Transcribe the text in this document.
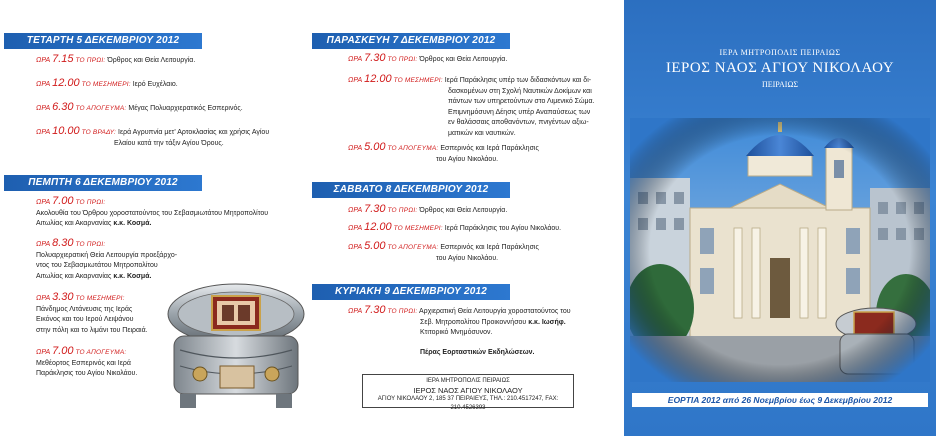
ΤΕΤΑΡΤΗ 5 ΔΕΚΕΜΒΡΙΟΥ 2012
ΩΡΑ 7.15 ΤΟ ΠΡΩΙ: Όρθρος και Θεία Λειτουργία.
ΩΡΑ 12.00 ΤΟ ΜΕΣΗΜΕΡΙ: Ιερό Ευχέλαιο.
ΩΡΑ 6.30 ΤΟ ΑΠΟΓΕΥΜΑ: Μέγας Πολυαρχιερατικός Εσπερινός.
ΩΡΑ 10.00 ΤΟ ΒΡΑΔΥ: Ιερά Αγρυπνία μετ' Αρτοκλασίας και χρήσις Αγίου
Ελαίου κατά την τάξιν Αγίου Όρους.
ΠΕΜΠΤΗ 6 ΔΕΚΕΜΒΡΙΟΥ 2012
ΩΡΑ 7.00 ΤΟ ΠΡΩΙ:
Ακολουθία του Όρθρου χοροστατούντος του Σεβασμιωτάτου Μητροπολίτου
Αιτωλίας και Ακαρνανίας κ.κ. Κοσμά.
ΩΡΑ 8.30 ΤΟ ΠΡΩΙ:
Πολυαρχιερατική Θεία Λειτουργία προεξάρχο-
ντος του Σεβασμιωτάτου Μητροπολίτου
Αιτωλίας και Ακαρνανίας κ.κ. Κοσμά.
ΩΡΑ 3.30 ΤΟ ΜΕΣΗΜΕΡΙ:
Πάνδημος Λιτάνευσις της Ιεράς
Εικόνος και του Ιερού Λειψάνου
στην πόλη και το λιμάνι του Πειραιά.
ΩΡΑ 7.00 ΤΟ ΑΠΟΓΕΥΜΑ:
Μεθέορτος Εσπερινός και Ιερά
Παράκλησις του Αγίου Νικολάου.
ΠΑΡΑΣΚΕΥΗ 7 ΔΕΚΕΜΒΡΙΟΥ 2012
ΩΡΑ 7.30 ΤΟ ΠΡΩΙ: Όρθρος και Θεία Λειτουργία.
ΩΡΑ 12.00 ΤΟ ΜΕΣΗΜΕΡΙ: Ιερά Παράκλησις υπέρ των διδασκόντων και δι-
δασκομένων στη Σχολή Ναυτικών Δοκίμων και
πάντων των υπηρετούντων στο Λιμενικό Σώμα.
Επιμνημόσυνη Δέησις υπέρ Αναπαύσεως των
εν θαλάσσαις αποθανόντων, πνιγέντων αξιω-
ματικών και ναυτικών.
ΩΡΑ 5.00 ΤΟ ΑΠΟΓΕΥΜΑ: Εσπερινός και Ιερά Παράκλησις
του Αγίου Νικολάου.
ΣΑΒΒΑΤΟ 8 ΔΕΚΕΜΒΡΙΟΥ 2012
ΩΡΑ 7.30 ΤΟ ΠΡΩΙ: Όρθρος και Θεία Λειτουργία.
ΩΡΑ 12.00 ΤΟ ΜΕΣΗΜΕΡΙ: Ιερά Παράκλησις του Αγίου Νικολάου.
ΩΡΑ 5.00 ΤΟ ΑΠΟΓΕΥΜΑ: Εσπερινός και Ιερά Παράκλησις
του Αγίου Νικολάου.
ΚΥΡΙΑΚΗ 9 ΔΕΚΕΜΒΡΙΟΥ 2012
ΩΡΑ 7.30 ΤΟ ΠΡΩΙ: Αρχιερατική Θεία Λειτουργία χοροστατούντος του
Σεβ. Μητροπολίτου Προικοννήσου κ.κ. Ιωσήφ.
Κτιτορικό Μνημόσυνον.
Πέρας Εορταστικών Εκδηλώσεων.
ΙΕΡΑ ΜΗΤΡΟΠΟΛΙΣ ΠΕΙΡΑΙΩΣ
ΙΕΡΟΣ ΝΑΟΣ ΑΓΙΟΥ ΝΙΚΟΛΑΟΥ
ΑΓΙΟΥ ΝΙΚΟΛΑΟΥ 2, 185 37 ΠΕΙΡΑΙΕΥΣ, ΤΗΛ.: 210.4517247, FAX: 210.4526393
ΙΕΡΑ ΜΗΤΡΟΠΟΛΙΣ ΠΕΙΡΑΙΩΣ
ΙΕΡΟΣ ΝΑΟΣ ΑΓΙΟΥ ΝΙΚΟΛΑΟΥ
ΠΕΙΡΑΙΩΣ
ΕΟΡΤΙΑ 2012 από 26 Νοεμβρίου έως 9 Δεκεμβρίου 2012
